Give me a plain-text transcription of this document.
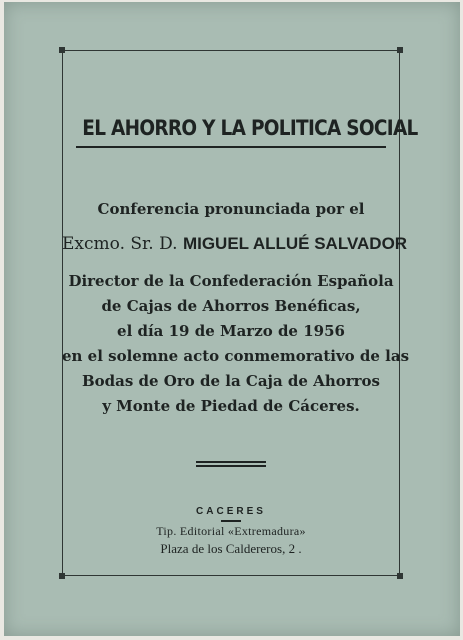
EL AHORRO Y LA POLITICA SOCIAL
Conferencia pronunciada por el
Excmo. Sr. D. MIGUEL ALLUÉ SALVADOR
Director de la Confederación Española
de Cajas de Ahorros Benéficas,
el día 19 de Marzo de 1956
en el solemne acto conmemorativo de las
Bodas de Oro de la Caja de Ahorros
y Monte de Piedad de Cáceres.
CACERES
Tip. Editorial «Extremadura»
Plaza de los Caldereros, 2 .
